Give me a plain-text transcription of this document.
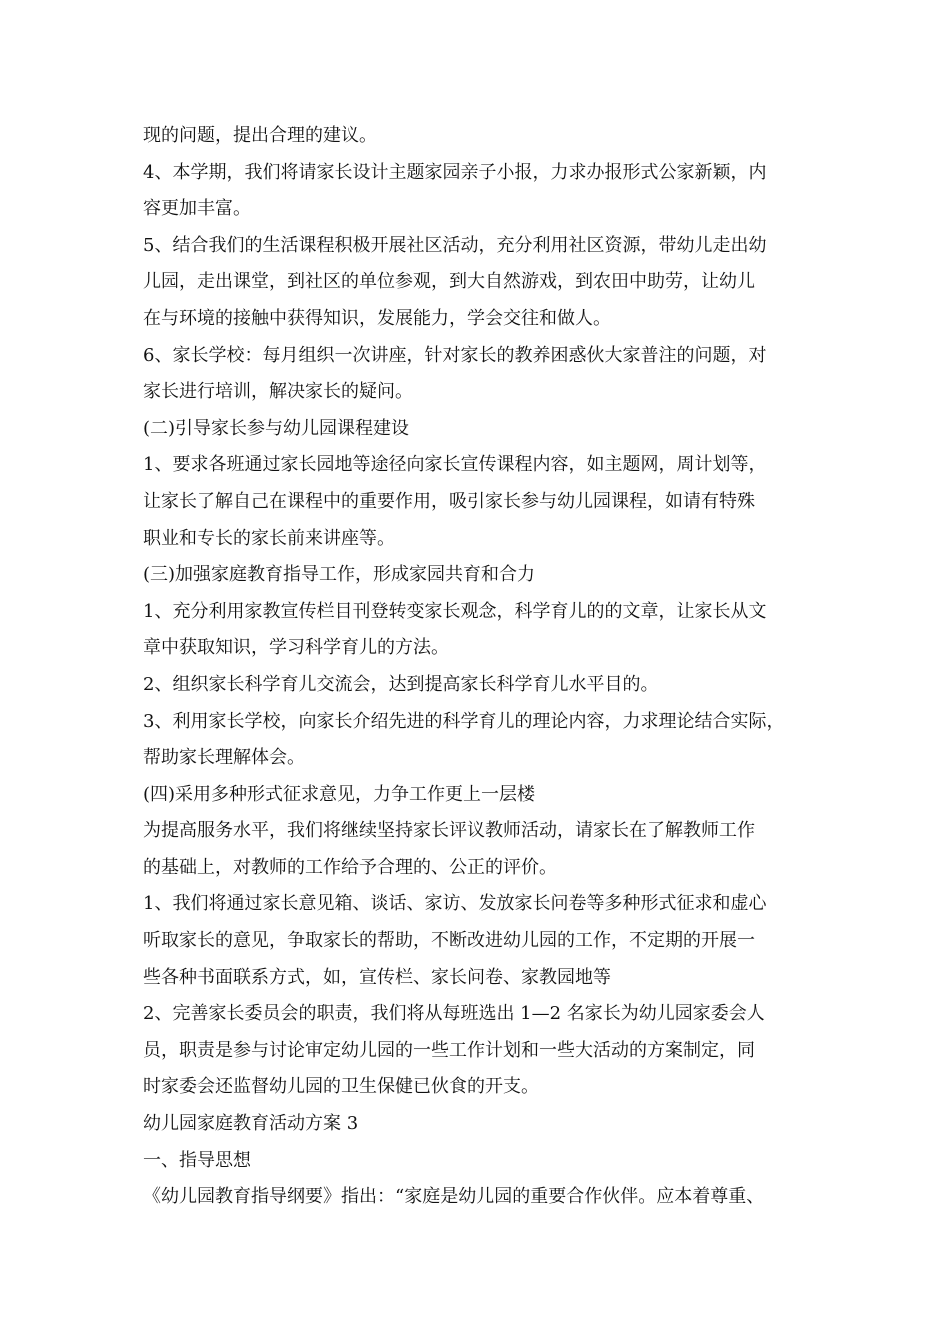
现的问题，提出合理的建议。
4、本学期，我们将请家长设计主题家园亲子小报，力求办报形式公家新颖，内
容更加丰富。
5、结合我们的生活课程积极开展社区活动，充分利用社区资源，带幼儿走出幼
儿园，走出课堂，到社区的单位参观，到大自然游戏，到农田中助劳，让幼儿
在与环境的接触中获得知识，发展能力，学会交往和做人。
6、家长学校：每月组织一次讲座，针对家长的教养困惑伙大家普注的问题，对
家长进行培训，解决家长的疑问。
(二)引导家长参与幼儿园课程建设
1、要求各班通过家长园地等途径向家长宣传课程内容，如主题网，周计划等，
让家长了解自己在课程中的重要作用，吸引家长参与幼儿园课程，如请有特殊
职业和专长的家长前来讲座等。
(三)加强家庭教育指导工作，形成家园共育和合力
1、充分利用家教宣传栏目刊登转变家长观念，科学育儿的的文章，让家长从文
章中获取知识，学习科学育儿的方法。
2、组织家长科学育儿交流会，达到提高家长科学育儿水平目的。
3、利用家长学校，向家长介绍先进的科学育儿的理论内容，力求理论结合实际，
帮助家长理解体会。
(四)采用多种形式征求意见，力争工作更上一层楼
为提高服务水平，我们将继续坚持家长评议教师活动，请家长在了解教师工作
的基础上，对教师的工作给予合理的、公正的评价。
1、我们将通过家长意见箱、谈话、家访、发放家长问卷等多种形式征求和虚心
听取家长的意见，争取家长的帮助，不断改进幼儿园的工作，不定期的开展一
些各种书面联系方式，如，宣传栏、家长问卷、家教园地等
2、完善家长委员会的职责，我们将从每班选出 1—2 名家长为幼儿园家委会人
员，职责是参与讨论审定幼儿园的一些工作计划和一些大活动的方案制定，同
时家委会还监督幼儿园的卫生保健已伙食的开支。
幼儿园家庭教育活动方案 3
一、指导思想
《幼儿园教育指导纲要》指出：“家庭是幼儿园的重要合作伙伴。应本着尊重、
